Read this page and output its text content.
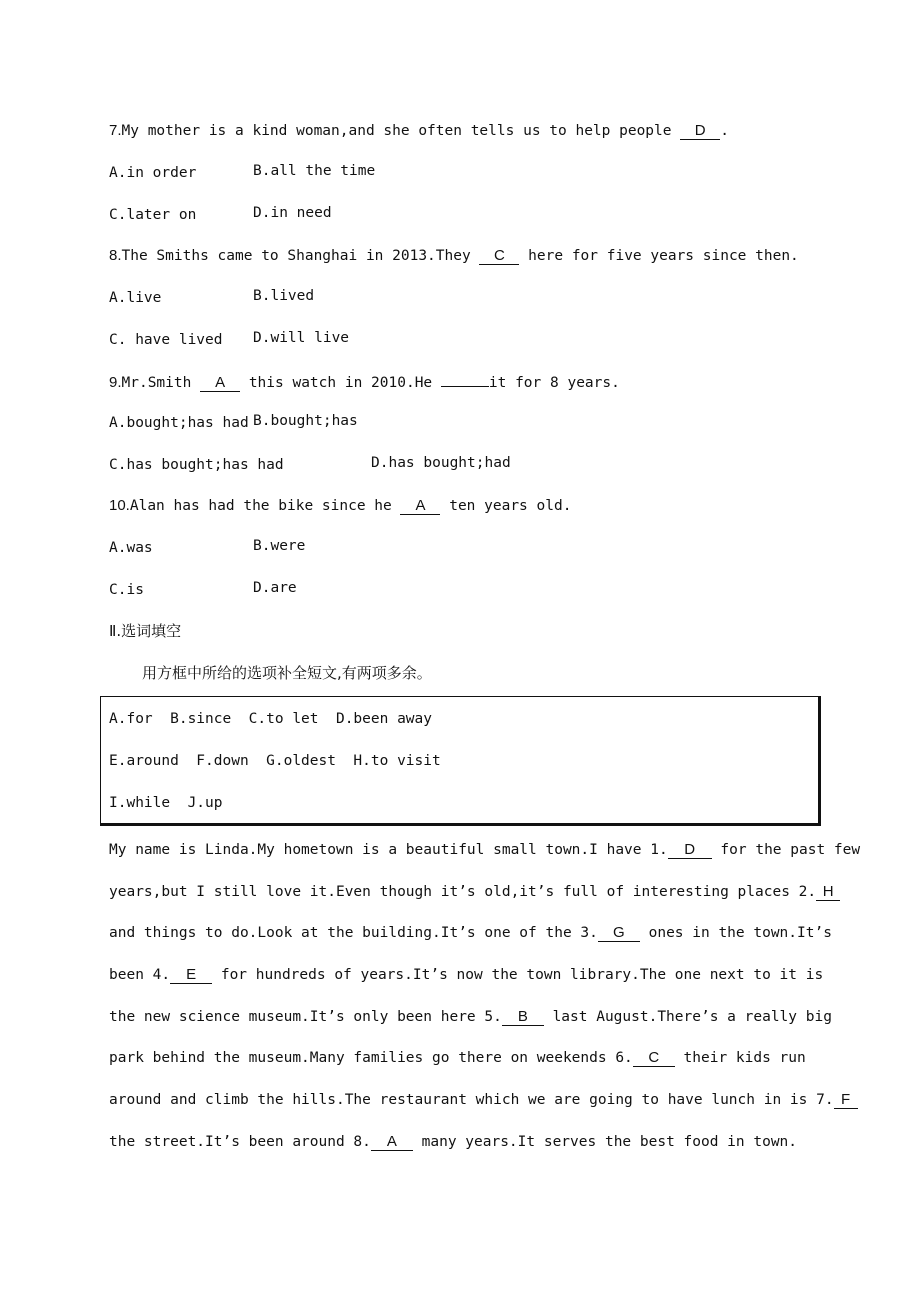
7.My mother is a kind woman,and she often tells us to help people D .
A.in order	B.all the time
C.later on	D.in need
8.The Smiths came to Shanghai in 2013.They C here for five years since then.
A.live	B.lived
C. have lived D.will live
9.Mr.Smith A this watch in 2010.He	it for 8 years.
A.bought;has had B.bought;has
C.has bought;has had	D.has bought;had
10.Alan has had the bike since he A ten years old.
A.was	B.were
C.is	D.are
Ⅱ.选词填空
用方框中所给的选项补全短文,有两项多余。
A.for  B.since  C.to let  D.been away
E.around  F.down  G.oldest  H.to visit
I.while  J.up
My name is Linda.My hometown is a beautiful small town.I have 1. D for the past few
years,but I still love it.Even though it’s old,it’s full of interesting places 2. H
and things to do.Look at the building.It’s one of the 3. G ones in the town.It’s
been 4. E for hundreds of years.It’s now the town library.The one next to it is
the new science museum.It’s only been here 5. B last August.There’s a really big
park behind the museum.Many families go there on weekends 6. C their kids run
around and climb the hills.The restaurant which we are going to have lunch in is 7. F
the street.It’s been around 8. A many years.It serves the best food in town.
